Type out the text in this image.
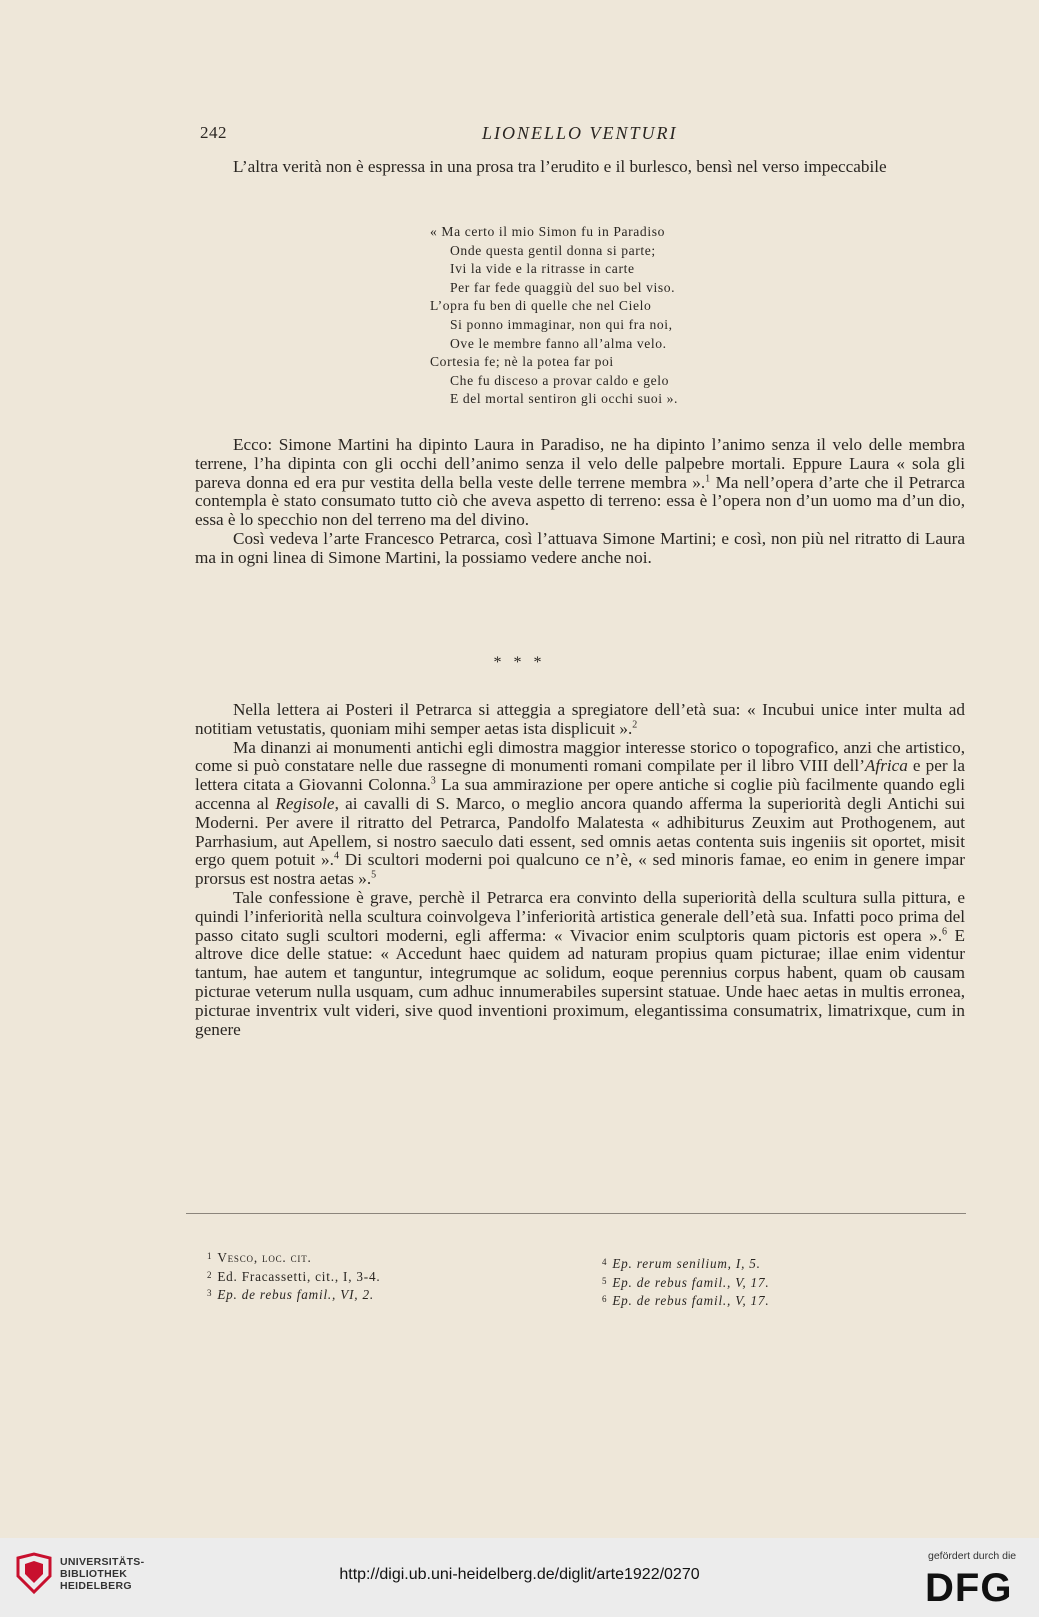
242	LIONELLO VENTURI

L’altra verità non è espressa in una prosa tra l’erudito e il burlesco, bensì nel verso impeccabile

« Ma certo il mio Simon fu in Paradiso
Onde questa gentil donna si parte;
Ivi la vide e la ritrasse in carte
Per far fede quaggiù del suo bel viso.
L’opra fu ben di quelle che nel Cielo
Si ponno immaginar, non qui fra noi,
Ove le membre fanno all’alma velo.
Cortesia fe; nè la potea far poi
Che fu disceso a provar caldo e gelo
E del mortal sentiron gli occhi suoi ».

Ecco: Simone Martini ha dipinto Laura in Paradiso, ne ha dipinto l’animo senza il velo delle membra terrene, l’ha dipinta con gli occhi dell’animo senza il velo delle palpebre mortali. Eppure Laura « sola gli pareva donna ed era pur vestita della bella veste delle terrene membra ».$^1$ Ma nell’opera d’arte che il Petrarca contempla è stato consumato tutto ciò che aveva aspetto di terreno: essa è l’opera non d’un uomo ma d’un dio, essa è lo specchio non del terreno ma del divino.

Così vedeva l’arte Francesco Petrarca, così l’attuava Simone Martini; e così, non più nel ritratto di Laura ma in ogni linea di Simone Martini, la possiamo vedere anche noi.

* * *

Nella lettera ai Posteri il Petrarca si atteggia a spregiatore dell’età sua: « Incubui unice inter multa ad notitiam vetustatis, quoniam mihi semper aetas ista displicuit ».$^2$

Ma dinanzi ai monumenti antichi egli dimostra maggior interesse storico o topografico, anzi che artistico, come si può constatare nelle due rassegne di monumenti romani compilate per il libro VIII dell’Africa e per la lettera citata a Giovanni Colonna.$^3$ La sua ammirazione per opere antiche si coglie più facilmente quando egli accenna al Regisole, ai cavalli di S. Marco, o meglio ancora quando afferma la superiorità degli Antichi sui Moderni. Per avere il ritratto del Petrarca, Pandolfo Malatesta « adhibiturus Zeuxim aut Prothogenem, aut Parrhasium, aut Apellem, si nostro saeculo dati essent, sed omnis aetas contenta suis ingeniis sit oportet, misit ergo quem potuit ».$^4$ Di scultori moderni poi qualcuno ce n’è, « sed minoris famae, eo enim in genere impar prorsus est nostra aetas ».$^5$

Tale confessione è grave, perchè il Petrarca era convinto della superiorità della scultura sulla pittura, e quindi l’inferiorità nella scultura coinvolgeva l’inferiorità artistica generale dell’età sua. Infatti poco prima del passo citato sugli scultori moderni, egli afferma: « Vivacior enim sculptoris quam pictoris est opera ».$^6$ E altrove dice delle statue: « Accedunt haec quidem ad naturam propius quam picturae; illae enim videntur tantum, hae autem et tanguntur, integrumque ac solidum, eoque perennius corpus habent, quam ob causam picturae veterum nulla usquam, cum adhuc innumerabiles supersint statuae. Unde haec aetas in multis erronea, picturae inventrix vult videri, sive quod inventioni proximum, elegantissima consumatrix, limatrixque, cum in genere

$^1$ Vesco, loc. cit.
$^2$ Ed. Fracassetti, cit., I, 3-4.
$^3$ Ep. de rebus famil., VI, 2.
$^4$ Ep. rerum senilium, I, 5.
$^5$ Ep. de rebus famil., V, 17.
$^6$ Ep. de rebus famil., V, 17.
UNIVERSITÄTS-
BIBLIOTHEK
HEIDELBERG
http://digi.ub.uni-heidelberg.de/diglit/arte1922/0270
gefördert durch die
DFG
